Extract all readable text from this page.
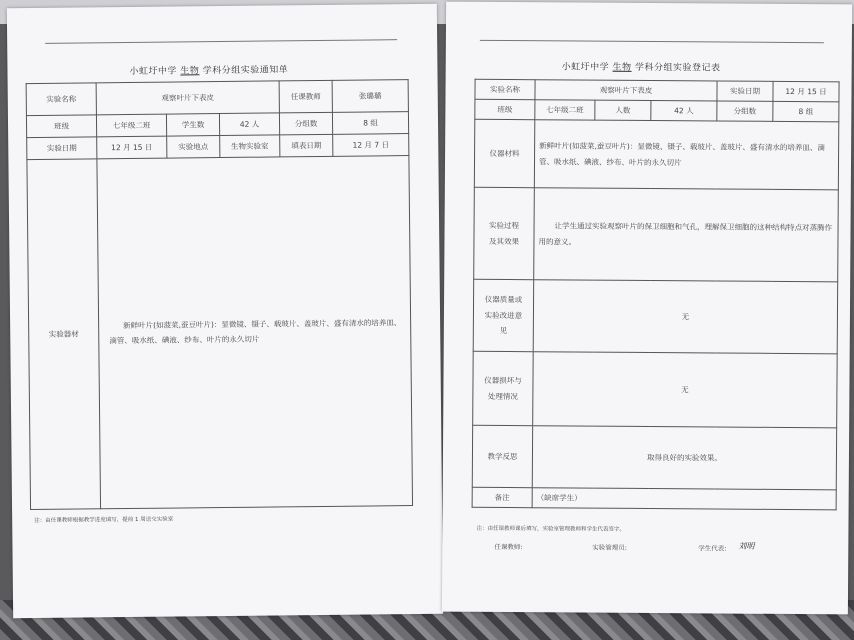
小虹圩中学 生物 学科分组实验通知单
实验名称	观察叶片下表皮			任课教师	张璐璐
班级	七年级二班	学生数	42 人	分组数	8 组
实验日期	12 月 15 日	实验地点	生物实验室	填表日期	12 月 7 日
实验器材	新鲜叶片(如菠菜,蚕豆叶片)：显微镜、镊子、载玻片、盖玻片、盛有清水的培养皿、滴管、吸水纸、碘液、纱布、叶片的永久切片				
注：由任课教师根据教学进度填写，提前 1 周送交实验室
小虹圩中学 生物 学科分组实验登记表
实验名称	观察叶片下表皮			实验日期	12 月 15 日
班级	七年级二班	人数	42 人	分组数	8 组
仪器材料	新鲜叶片(如菠菜,蚕豆叶片)：显微镜、镊子、载玻片、盖玻片、盛有清水的培养皿、滴管、吸水纸、碘液、纱布、叶片的永久切片				
实验过程及其效果	让学生通过实验观察叶片的保卫细胞和气孔，理解保卫细胞的这种结构特点对蒸腾作用的意义。				
仪器质量或实验改进意见	无				
仪器损坏与处理情况	无				
教学反思	取得良好的实验效果。				
备注	（缺席学生）				
注：由任课教师课后填写，实验室管理教师和学生代表签字。
任课教师:	实验管理员:	学生代表: 刘明
